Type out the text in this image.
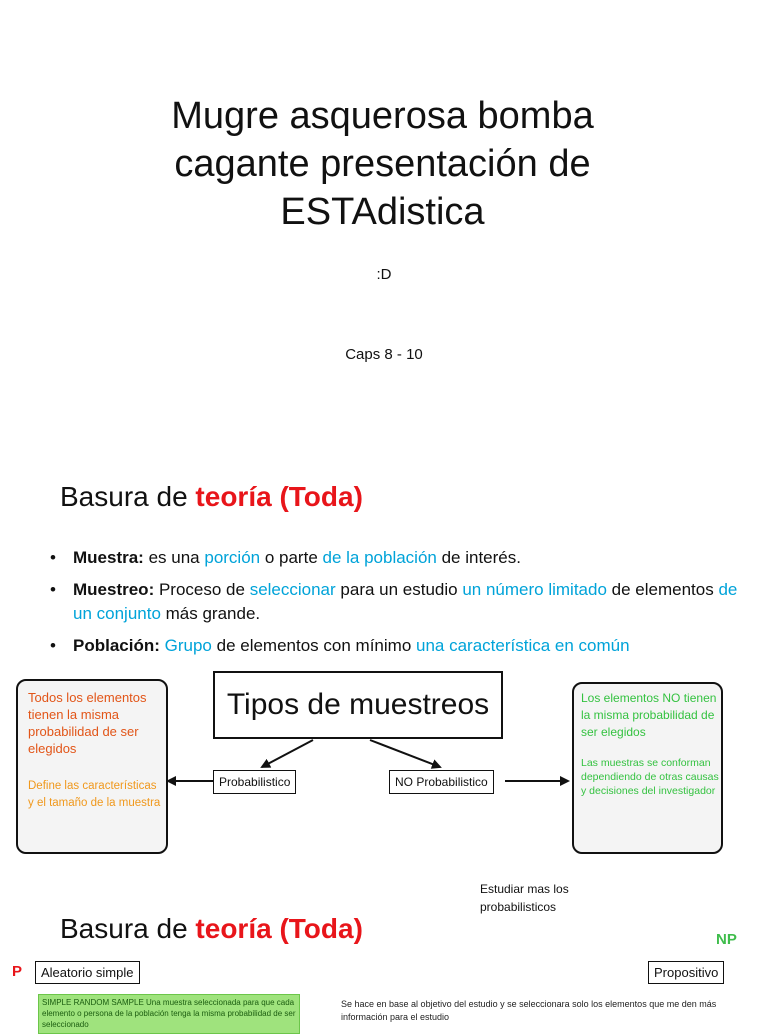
Mugre asquerosa bomba cagante presentación de ESTAdistica
:D
Caps 8 - 10
Basura de teoría (Toda)
• Muestra: es una porción o parte de la población de interés.
• Muestreo: Proceso de seleccionar para un estudio un número limitado de elementos de un conjunto más grande.
• Población: Grupo de elementos con mínimo una característica en común
Todos los elementos tienen la misma probabilidad de ser elegidos
Define las características y el tamaño de la muestra
Los elementos NO tienen la misma probabilidad de ser elegidos
Las muestras se conforman dependiendo de otras causas y decisiones del investigador
Tipos de muestreos
Probabilistico	NO Probabilistico
Estudiar mas los probabilisticos
Basura de teoría (Toda)	NP
P	Aleatorio simple	Propositivo
SIMPLE RANDOM SAMPLE Una muestra seleccionada para que cada elemento o persona de la población tenga la misma probabilidad de ser seleccionado
Se hace en base al objetivo del estudio y se seleccionara solo los elementos que me den más información para el estudio
